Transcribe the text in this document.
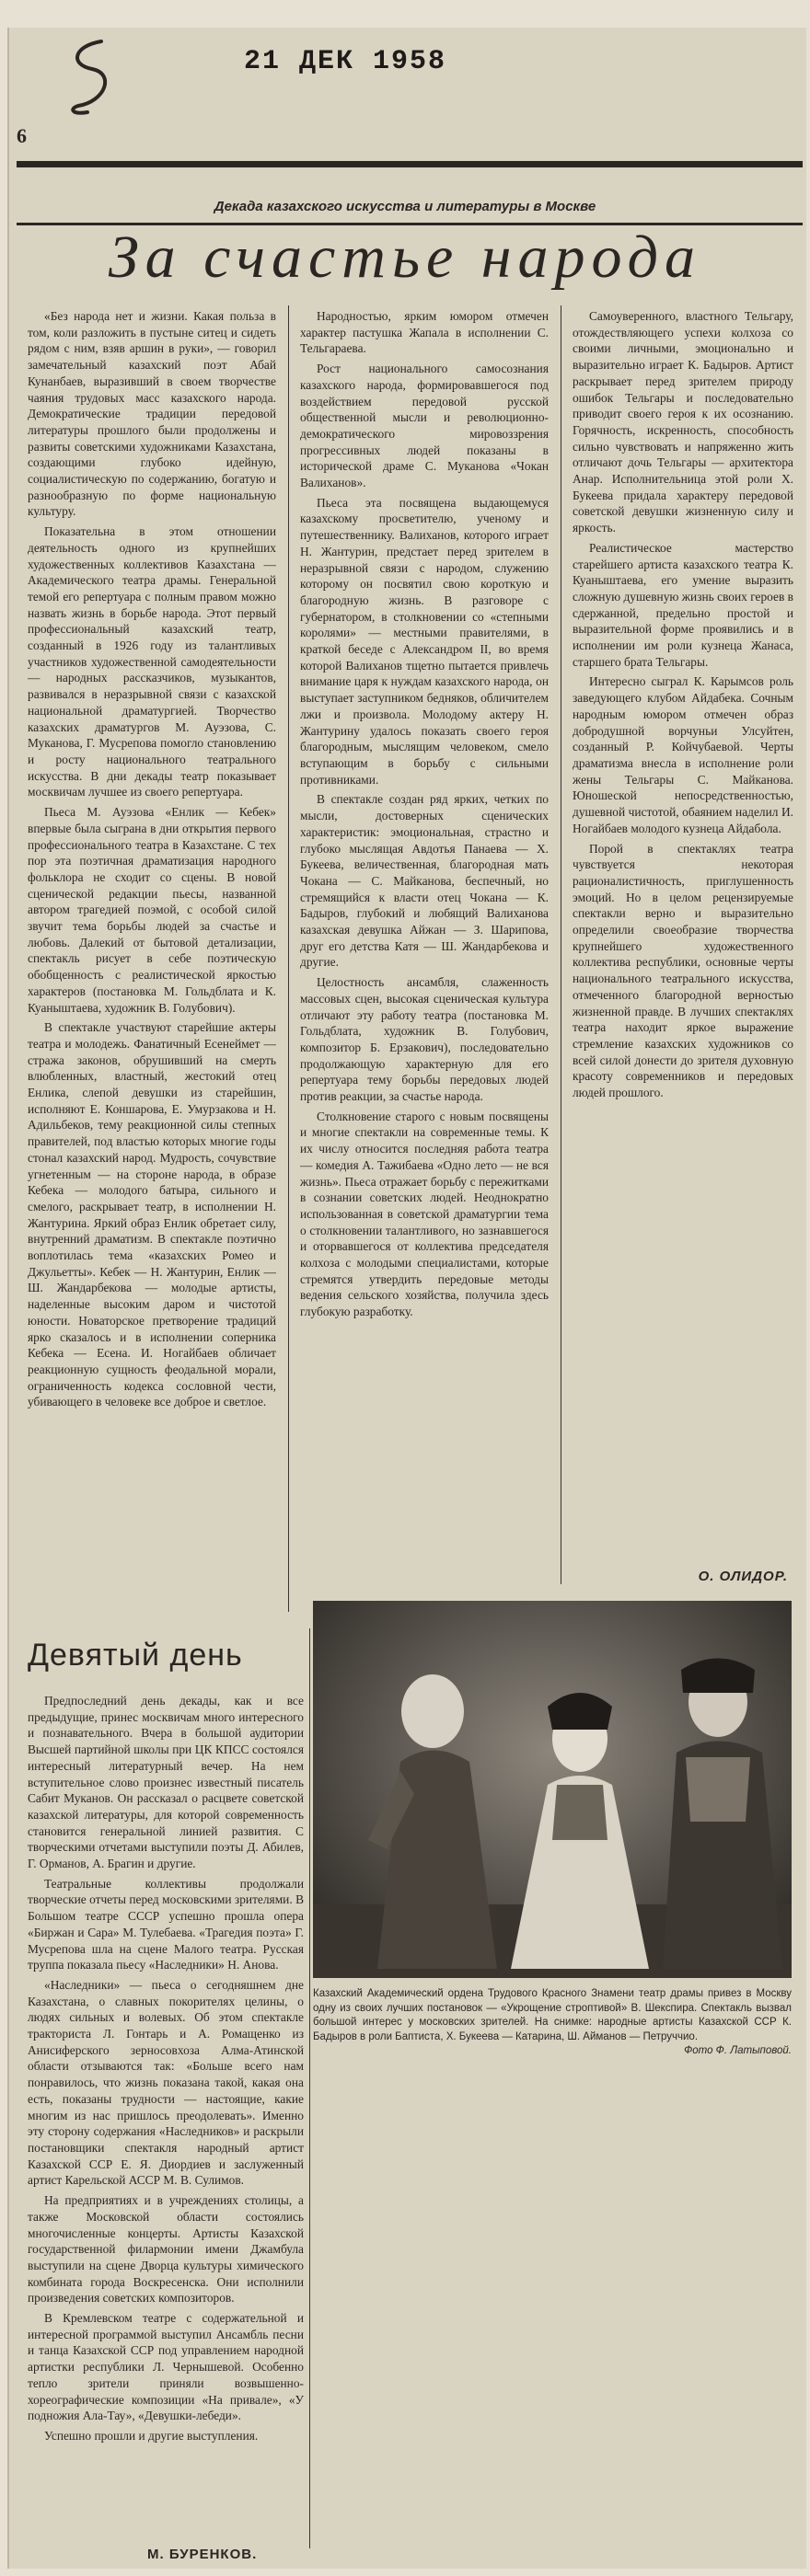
21 ДЕК 1958
6
Декада казахского искусства и литературы в Москве
За счастье народа

«Без народа нет и жизни. Какая польза в том, коли разложить в пустыне ситец и сидеть рядом с ним, взяв аршин в руки», — говорил замечательный казахский поэт Абай Кунанбаев, выразивший в своем творчестве чаяния трудовых масс казахского народа. Демократические традиции передовой литературы прошлого были продолжены и развиты советскими художниками Казахстана, создающими глубоко идейную, социалистическую по содержанию, богатую и разнообразную по форме национальную культуру.

Показательна в этом отношении деятельность одного из крупнейших художественных коллективов Казахстана — Академического театра драмы. Генеральной темой его репертуара с полным правом можно назвать жизнь в борьбе народа. Этот первый профессиональный казахский театр, созданный в 1926 году из талантливых участников художественной самодеятельности — народных рассказчиков, музыкантов, развивался в неразрывной связи с казахской национальной драматургией. Творчество казахских драматургов М. Ауэзова, С. Муканова, Г. Мусрепова помогло становлению и росту национального театрального искусства. В дни декады театр показывает москвичам лучшее из своего репертуара.

Пьеса М. Ауэзова «Енлик — Кебек» впервые была сыграна в дни открытия первого профессионального театра в Казахстане. С тех пор эта поэтичная драматизация народного фольклора не сходит со сцены. В новой сценической редакции пьесы, названной автором трагедией поэмой, с особой силой звучит тема борьбы людей за счастье и любовь. Далекий от бытовой детализации, спектакль рисует в себе поэтическую обобщенность с реалистической яркостью характеров (постановка М. Гольдблата и К. Куаныштаева, художник В. Голубович).

В спектакле участвуют старейшие актеры театра и молодежь. Фанатичный Есенеймет — стража законов, обрушивший на смерть влюбленных, властный, жестокий отец Енлика, слепой девушки из старейшин, исполняют Е. Коншарова, Е. Умурзакова и Н. Адильбеков, тему реакционной силы степных правителей, под властью которых многие годы стонал казахский народ. Мудрость, сочувствие угнетенным — на стороне народа, в образе Кебека — молодого батыра, сильного и смелого, раскрывает театр, в исполнении Н. Жантурина. Яркий образ Енлик обретает силу, внутренний драматизм. В спектакле поэтично воплотилась тема «казахских Ромео и Джульетты». Кебек — Н. Жантурин, Енлик — Ш. Жандарбекова — молодые артисты, наделенные высоким даром и чистотой юности. Новаторское претворение традиций ярко сказалось и в исполнении соперника Кебека — Есена. И. Ногайбаев обличает реакционную сущность феодальной морали, ограниченность кодекса сословной чести, убивающего в человеке все доброе и светлое.

Народностью, ярким юмором отмечен характер пастушка Жапала в исполнении С. Тельгараева.

Рост национального самосознания казахского народа, формировавшегося под воздействием передовой русской общественной мысли и революционно-демократического мировоззрения прогрессивных людей показаны в исторической драме С. Муканова «Чокан Валиханов».

Пьеса эта посвящена выдающемуся казахскому просветителю, ученому и путешественнику. Валиханов, которого играет Н. Жантурин, предстает перед зрителем в неразрывной связи с народом, служению которому он посвятил свою короткую и благородную жизнь. В разговоре с губернатором, в столкновении со «степными королями» — местными правителями, в краткой беседе с Александром II, во время которой Валиханов тщетно пытается привлечь внимание царя к нуждам казахского народа, он выступает заступником бедняков, обличителем лжи и произвола. Молодому актеру Н. Жантурину удалось показать своего героя благородным, мыслящим человеком, смело вступающим в борьбу с сильными противниками.

В спектакле создан ряд ярких, четких по мысли, достоверных сценических характеристик: эмоциональная, страстно и глубоко мыслящая Авдотья Панаева — Х. Букеева, величественная, благородная мать Чокана — С. Майканова, беспечный, но стремящийся к власти отец Чокана — К. Бадыров, глубокий и любящий Валиханова казахская девушка Айжан — З. Шарипова, друг его детства Катя — Ш. Жандарбекова и другие.

Целостность ансамбля, слаженность массовых сцен, высокая сценическая культура отличают эту работу театра (постановка М. Гольдблата, художник В. Голубович, композитор Б. Ерзакович), последовательно продолжающую характерную для его репертуара тему борьбы передовых людей против реакции, за счастье народа.

Столкновение старого с новым посвящены и многие спектакли на современные темы. К их числу относится последняя работа театра — комедия А. Тажибаева «Одно лето — не вся жизнь». Пьеса отражает борьбу с пережитками в сознании советских людей. Неоднократно использованная в советской драматургии тема о столкновении талантливого, но зазнавшегося и оторвавшегося от коллектива председателя колхоза с молодыми специалистами, которые стремятся утвердить передовые методы ведения сельского хозяйства, получила здесь глубокую разработку.

Самоуверенного, властного Тельгару, отождествляющего успехи колхоза со своими личными, эмоционально и выразительно играет К. Бадыров. Артист раскрывает перед зрителем природу ошибок Тельгары и последовательно приводит своего героя к их осознанию. Горячность, искренность, способность сильно чувствовать и напряженно жить отличают дочь Тельгары — архитектора Анар. Исполнительница этой роли Х. Букеева придала характеру передовой советской девушки жизненную силу и яркость.

Реалистическое мастерство старейшего артиста казахского театра К. Куаныштаева, его умение выразить сложную душевную жизнь своих героев в сдержанной, предельно простой и выразительной форме проявились и в исполнении им роли кузнеца Жанаса, старшего брата Тельгары.

Интересно сыграл К. Карымсов роль заведующего клубом Айдабека. Сочным народным юмором отмечен образ добродушной ворчуньи Улсуйтен, созданный Р. Койчубаевой. Черты драматизма внесла в исполнение роли жены Тельгары С. Майканова. Юношеской непосредственностью, душевной чистотой, обаянием наделил И. Ногайбаев молодого кузнеца Айдабола.

Порой в спектаклях театра чувствуется некоторая рационалистичность, приглушенность эмоций. Но в целом рецензируемые спектакли верно и выразительно определили своеобразие творчества крупнейшего художественного коллектива республики, основные черты национального театрального искусства, отмеченного благородной верностью жизненной правде. В лучших спектаклях театра находит яркое выражение стремление казахских художников со всей силой донести до зрителя духовную красоту современников и передовых людей прошлого.

О. ОЛИДОР.
Казахский Академический ордена Трудового Красного Знамени театр драмы привез в Москву одну из своих лучших постановок — «Укрощение строптивой» В. Шекспира. Спектакль вызвал большой интерес у московских зрителей. На снимке: народные артисты Казахской ССР К. Бадыров в роли Баптиста, Х. Букеева — Катарина, Ш. Айманов — Петруччио.
Фото Ф. Латыповой.
Девятый день

Предпоследний день декады, как и все предыдущие, принес москвичам много интересного и познавательного. Вчера в большой аудитории Высшей партийной школы при ЦК КПСС состоялся интересный литературный вечер. На нем вступительное слово произнес известный писатель Сабит Муканов. Он рассказал о расцвете советской казахской литературы, для которой современность становится генеральной линией развития. С творческими отчетами выступили поэты Д. Абилев, Г. Орманов, А. Брагин и другие.

Театральные коллективы продолжали творческие отчеты перед московскими зрителями. В Большом театре СССР успешно прошла опера «Биржан и Сара» М. Тулебаева. «Трагедия поэта» Г. Мусрепова шла на сцене Малого театра. Русская труппа показала пьесу «Наследники» Н. Анова.

«Наследники» — пьеса о сегодняшнем дне Казахстана, о славных покорителях целины, о людях сильных и волевых. Об этом спектакле тракториста Л. Гонтарь и А. Ромащенко из Анисиферского зерносовхоза Алма-Атинской области отзываются так: «Больше всего нам понравилось, что жизнь показана такой, какая она есть, показаны трудности — настоящие, какие многим из нас пришлось преодолевать». Именно эту сторону содержания «Наследников» и раскрыли постановщики спектакля народный артист Казахской ССР Е. Я. Диордиев и заслуженный артист Карельской АССР М. В. Сулимов.

На предприятиях и в учреждениях столицы, а также Московской области состоялись многочисленные концерты. Артисты Казахской государственной филармонии имени Джамбула выступили на сцене Дворца культуры химического комбината города Воскресенска. Они исполнили произведения советских композиторов.

В Кремлевском театре с содержательной и интересной программой выступил Ансамбль песни и танца Казахской ССР под управлением народной артистки республики Л. Чернышевой. Особенно тепло зрители приняли возвышенно-хореографические композиции «На привале», «У подножия Ала-Тау», «Девушки-лебеди».

Успешно прошли и другие выступления.

М. БУРЕНКОВ.
